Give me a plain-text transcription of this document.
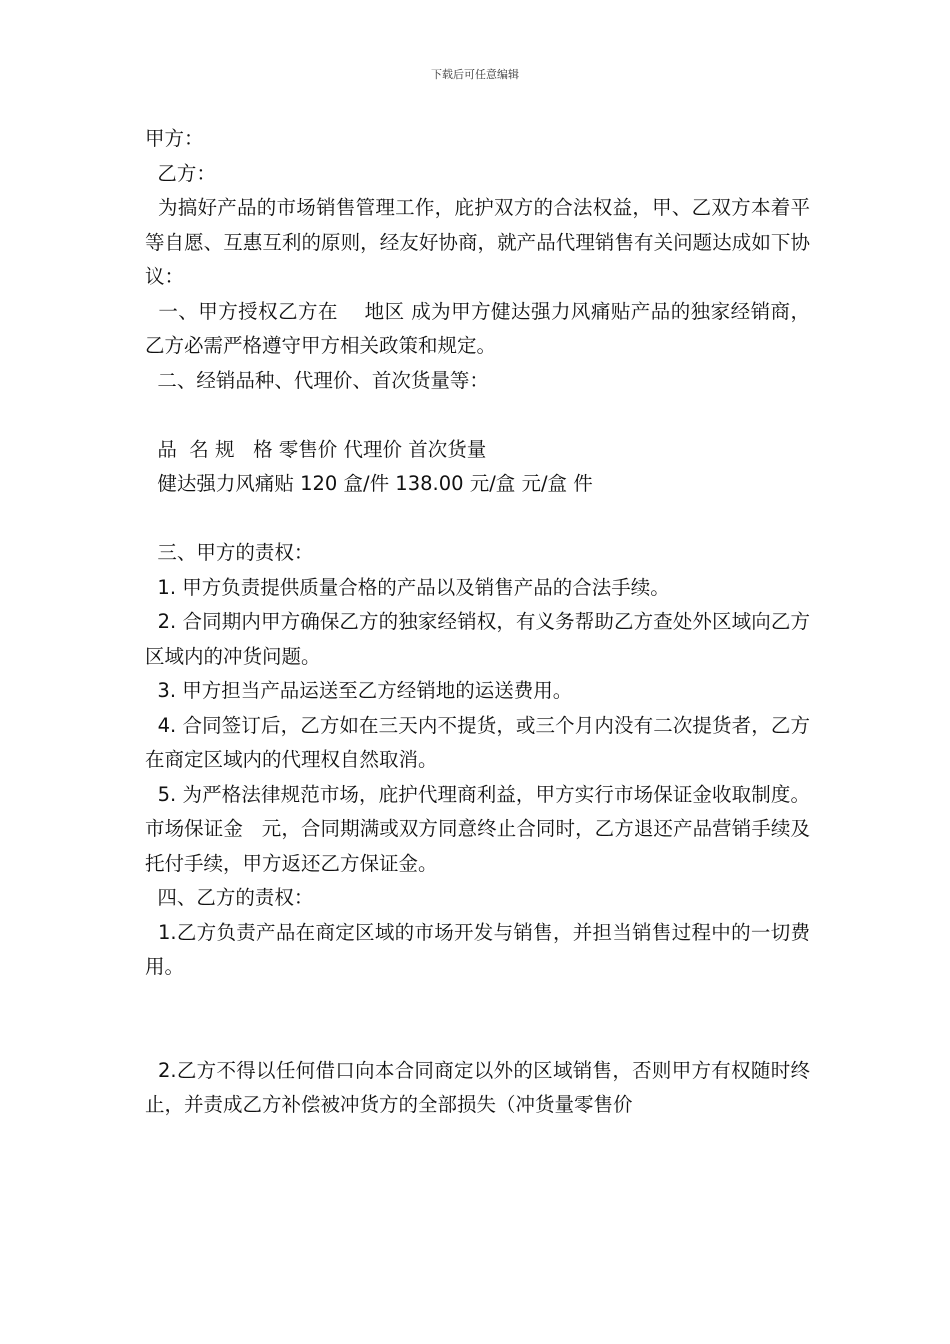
下载后可任意编辑

甲方：

乙方：

为搞好产品的市场销售管理工作，庇护双方的合法权益，甲、乙双方本着平等自愿、互惠互利的原则，经友好协商，就产品代理销售有关问题达成如下协议：

一、甲方授权乙方在    地区 成为甲方健达强力风痛贴产品的独家经销商，乙方必需严格遵守甲方相关政策和规定。

二、经销品种、代理价、首次货量等：

品  名 规   格 零售价 代理价 首次货量

健达强力风痛贴 120 盒/件 138.00 元/盒 元/盒 件

三、甲方的责权：

1. 甲方负责提供质量合格的产品以及销售产品的合法手续。

2. 合同期内甲方确保乙方的独家经销权，有义务帮助乙方查处外区域向乙方区域内的冲货问题。

3. 甲方担当产品运送至乙方经销地的运送费用。

4. 合同签订后，乙方如在三天内不提货，或三个月内没有二次提货者，乙方在商定区域内的代理权自然取消。

5. 为严格法律规范市场，庇护代理商利益，甲方实行市场保证金收取制度。市场保证金   元，合同期满或双方同意终止合同时，乙方退还产品营销手续及托付手续，甲方返还乙方保证金。

四、乙方的责权：

1.乙方负责产品在商定区域的市场开发与销售，并担当销售过程中的一切费用。

2.乙方不得以任何借口向本合同商定以外的区域销售，否则甲方有权随时终止，并责成乙方补偿被冲货方的全部损失（冲货量零售价
